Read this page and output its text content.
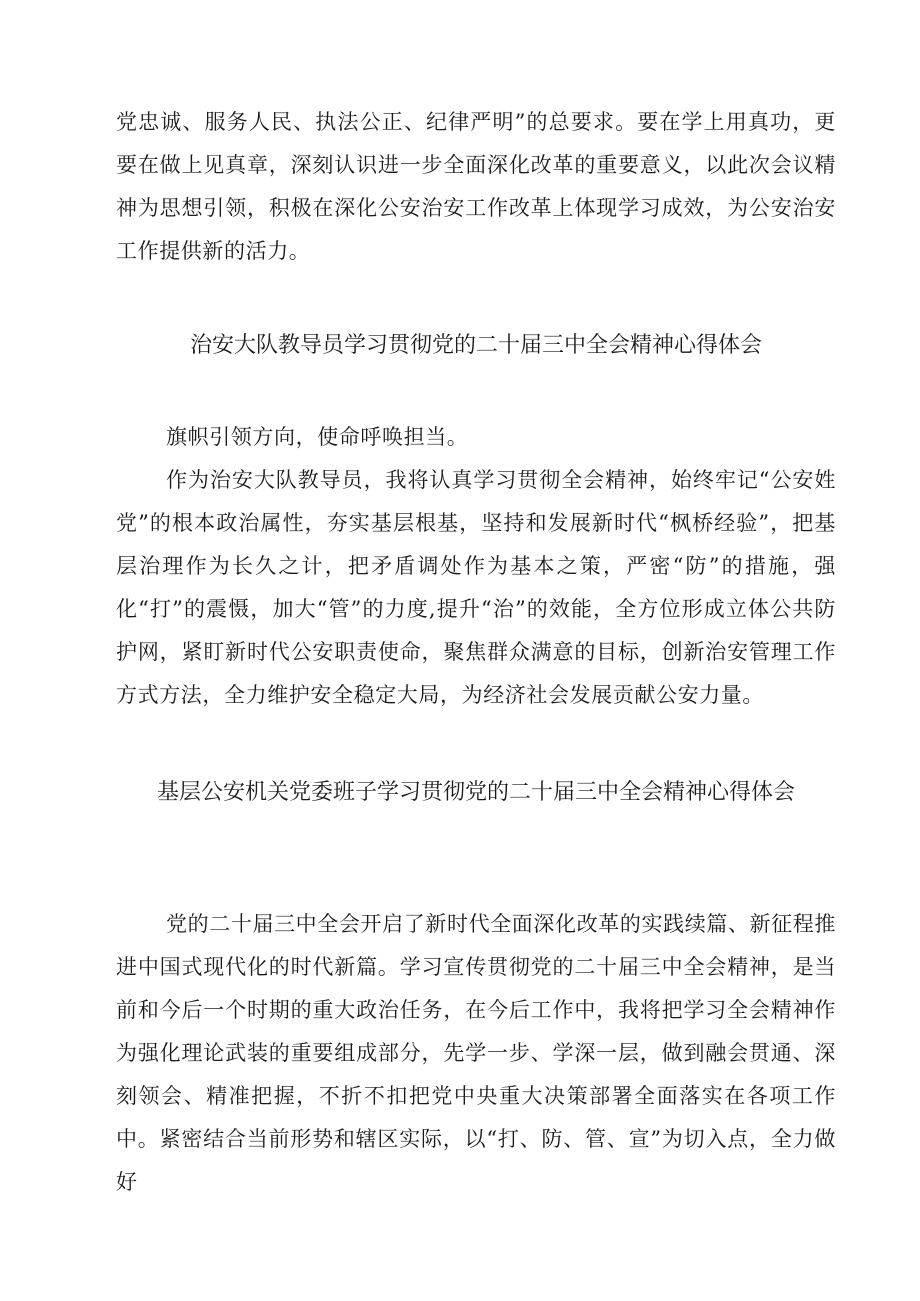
党忠诚、服务人民、执法公正、纪律严明”的总要求。要在学上用真功，更要在做上见真章，深刻认识进一步全面深化改革的重要意义，以此次会议精神为思想引领，积极在深化公安治安工作改革上体现学习成效，为公安治安工作提供新的活力。

治安大队教导员学习贯彻党的二十届三中全会精神心得体会

旗帜引领方向，使命呼唤担当。

作为治安大队教导员，我将认真学习贯彻全会精神，始终牢记“公安姓党”的根本政治属性，夯实基层根基，坚持和发展新时代“枫桥经验”，把基层治理作为长久之计，把矛盾调处作为基本之策，严密“防”的措施，强化“打”的震慑，加大“管”的力度,提升“治”的效能，全方位形成立体公共防护网，紧盯新时代公安职责使命，聚焦群众满意的目标，创新治安管理工作方式方法，全力维护安全稳定大局，为经济社会发展贡献公安力量。

基层公安机关党委班子学习贯彻党的二十届三中全会精神心得体会

党的二十届三中全会开启了新时代全面深化改革的实践续篇、新征程推进中国式现代化的时代新篇。学习宣传贯彻党的二十届三中全会精神，是当前和今后一个时期的重大政治任务，在今后工作中，我将把学习全会精神作为强化理论武装的重要组成部分，先学一步、学深一层，做到融会贯通、深刻领会、精准把握，不折不扣把党中央重大决策部署全面落实在各项工作中。紧密结合当前形势和辖区实际，以“打、防、管、宣”为切入点，全力做好
